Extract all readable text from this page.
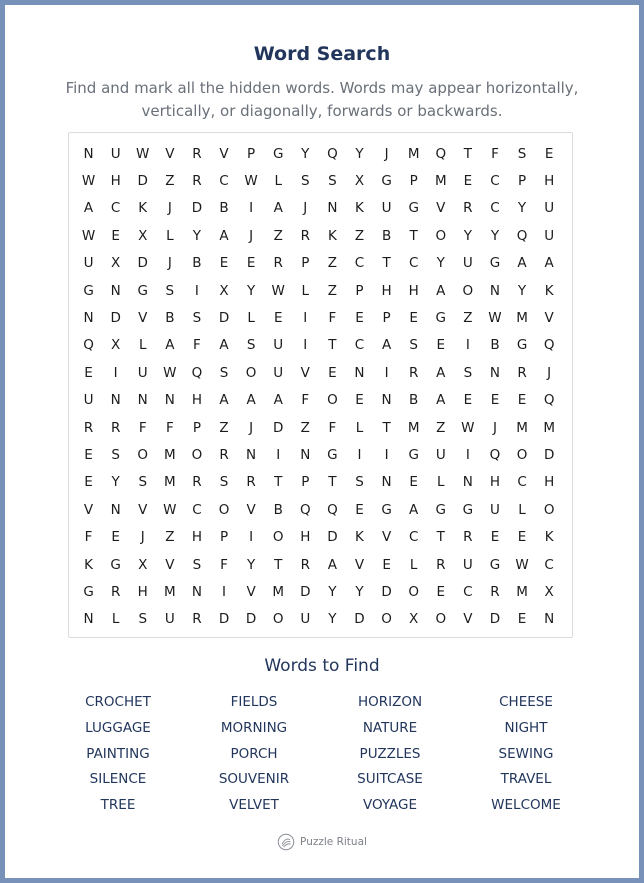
Word Search
Find and mark all the hidden words. Words may appear horizontally, vertically, or diagonally, forwards or backwards.
N	U	W	V	R	V	P	G	Y	Q	Y	J	M	Q	T	F	S	E
W	H	D	Z	R	C	W	L	S	S	X	G	P	M	E	C	P	H
A	C	K	J	D	B	I	A	J	N	K	U	G	V	R	C	Y	U
W	E	X	L	Y	A	J	Z	R	K	Z	B	T	O	Y	Y	Q	U
U	X	D	J	B	E	E	R	P	Z	C	T	C	Y	U	G	A	A
G	N	G	S	I	X	Y	W	L	Z	P	H	H	A	O	N	Y	K
N	D	V	B	S	D	L	E	I	F	E	P	E	G	Z	W	M	V
Q	X	L	A	F	A	S	U	I	T	C	A	S	E	I	B	G	Q
E	I	U	W	Q	S	O	U	V	E	N	I	R	A	S	N	R	J
U	N	N	N	H	A	A	A	F	O	E	N	B	A	E	E	E	Q
R	R	F	F	P	Z	J	D	Z	F	L	T	M	Z	W	J	M	M
E	S	O	M	O	R	N	I	N	G	I	I	G	U	I	Q	O	D
E	Y	S	M	R	S	R	T	P	T	S	N	E	L	N	H	C	H
V	N	V	W	C	O	V	B	Q	Q	E	G	A	G	G	U	L	O
F	E	J	Z	H	P	I	O	H	D	K	V	C	T	R	E	E	K
K	G	X	V	S	F	Y	T	R	A	V	E	L	R	U	G	W	C
G	R	H	M	N	I	V	M	D	Y	Y	D	O	E	C	R	M	X
N	L	S	U	R	D	D	O	U	Y	D	O	X	O	V	D	E	N
Words to Find
CROCHET	FIELDS	HORIZON	CHEESE
LUGGAGE	MORNING	NATURE	NIGHT
PAINTING	PORCH	PUZZLES	SEWING
SILENCE	SOUVENIR	SUITCASE	TRAVEL
TREE	VELVET	VOYAGE	WELCOME
Puzzle Ritual
